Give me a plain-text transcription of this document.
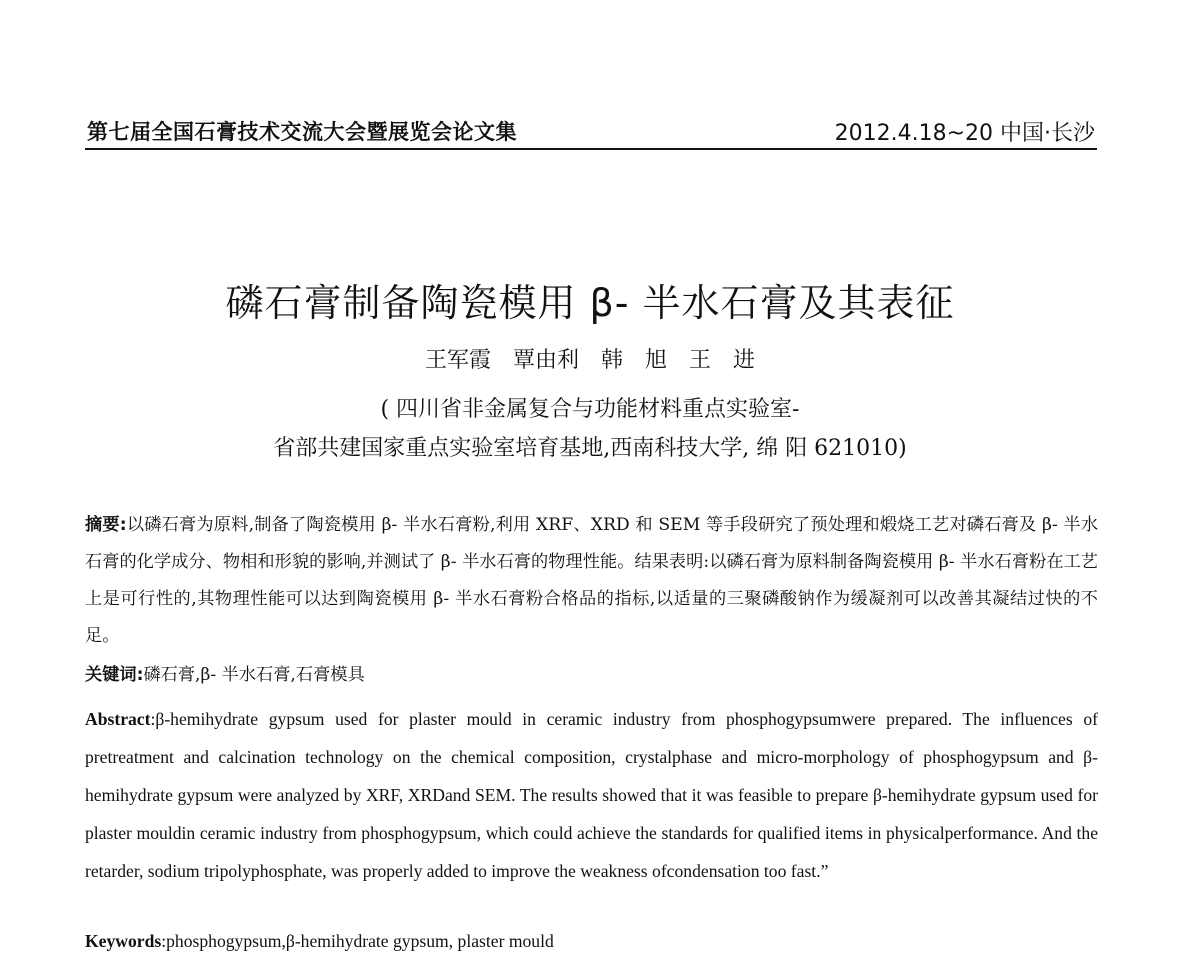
第七届全国石膏技术交流大会暨展览会论文集	2012.4.18~20 中国·长沙
磷石膏制备陶瓷模用 β- 半水石膏及其表征
王军霞　覃由利　韩　旭　王　进
( 四川省非金属复合与功能材料重点实验室-
省部共建国家重点实验室培育基地,西南科技大学, 绵 阳 621010)
摘要:以磷石膏为原料,制备了陶瓷模用 β- 半水石膏粉,利用 XRF、XRD 和 SEM 等手段研究了预处理和煅烧工艺对磷石膏及 β- 半水石膏的化学成分、物相和形貌的影响,并测试了 β- 半水石膏的物理性能。结果表明:以磷石膏为原料制备陶瓷模用 β- 半水石膏粉在工艺上是可行性的,其物理性能可以达到陶瓷模用 β- 半水石膏粉合格品的指标,以适量的三聚磷酸钠作为缓凝剂可以改善其凝结过快的不足。
关键词:磷石膏,β- 半水石膏,石膏模具
Abstract:β-hemihydrate gypsum used for plaster mould in ceramic industry from phosphogypsumwere prepared. The influences of pretreatment and calcination technology on the chemical composition, crystalphase and micro-morphology of phosphogypsum and β-hemihydrate gypsum were analyzed by XRF, XRDand SEM. The results showed that it was feasible to prepare β-hemihydrate gypsum used for plaster mouldin ceramic industry from phosphogypsum, which could achieve the standards for qualified items in physicalperformance. And the retarder, sodium tripolyphosphate, was properly added to improve the weakness ofcondensation too fast.”
Keywords:phosphogypsum,β-hemihydrate gypsum, plaster mould
